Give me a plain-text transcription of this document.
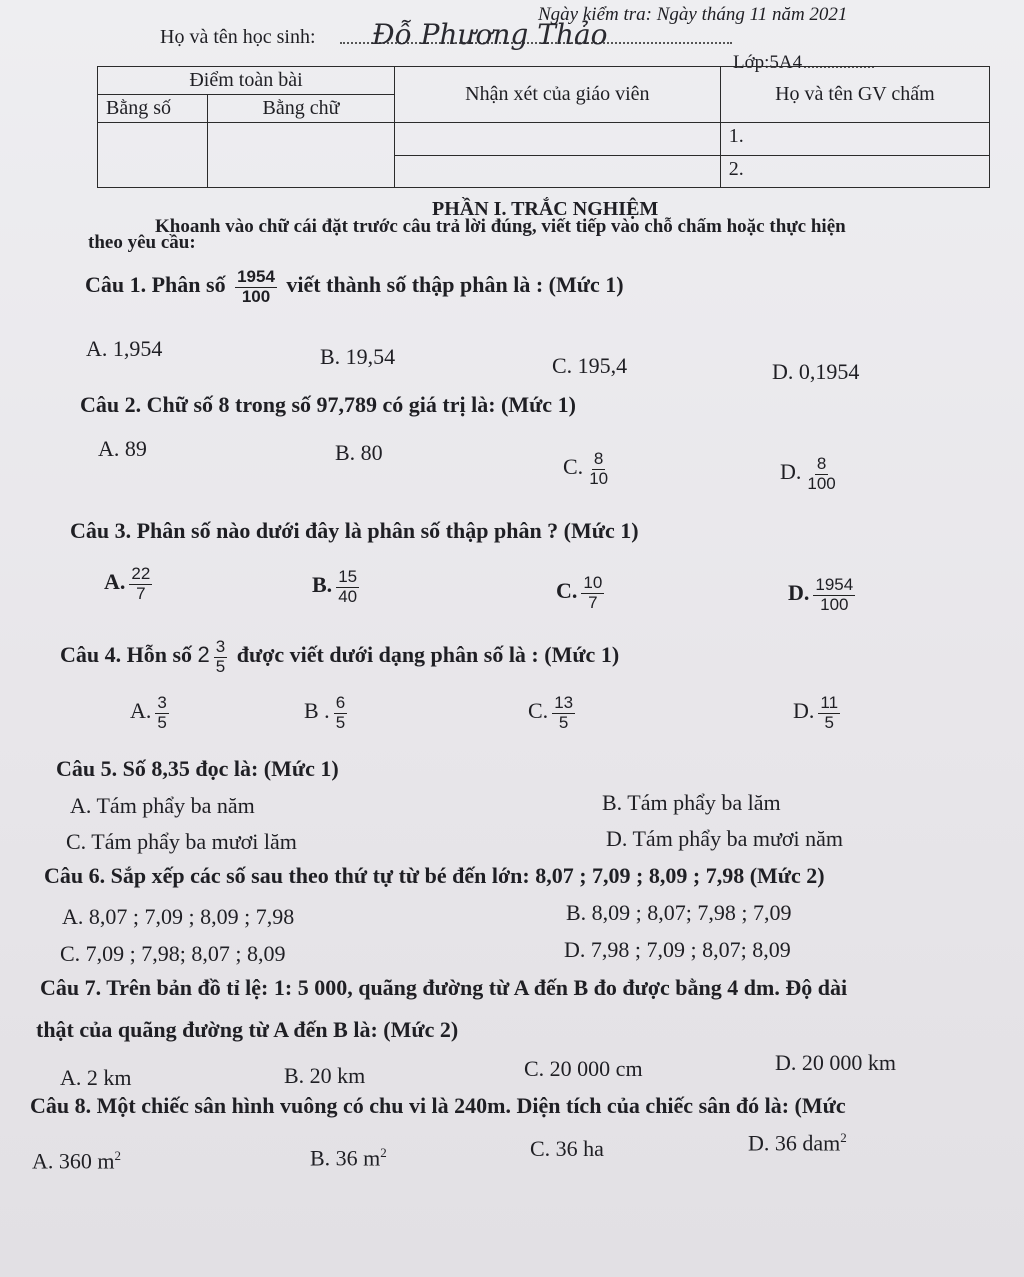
Ngày kiểm tra: Ngày tháng 11 năm 2021
Họ và tên học sinh: Đỗ Phương Thảo
Lớp:5A4
Điểm toàn bài		Nhận xét của giáo viên	Họ và tên GV chấm
Bằng số	Bằng chữ		
			1.
			2.
PHẦN I. TRẮC NGHIỆM
Khoanh vào chữ cái đặt trước câu trả lời đúng, viết tiếp vào chỗ chấm hoặc thực hiện
theo yêu cầu:
Câu 1. Phân số $\frac{1954}{100}$ viết thành số thập phân là : (Mức 1)
A. 1,954	B. 19,54	C. 195,4	D. 0,1954
Câu 2. Chữ số 8 trong số 97,789 có giá trị là: (Mức 1)
A. 89	B. 80
C. $\frac{8}{10}$	D. $\frac{8}{100}$
Câu 3. Phân số nào dưới đây là phân số thập phân ? (Mức 1)
A. $\frac{22}{7}$	B. $\frac{15}{40}$	C. $\frac{10}{7}$	D. $\frac{1954}{100}$
Câu 4. Hỗn số $2 \frac{3}{5}$ được viết dưới dạng phân số là : (Mức 1)
A. $\frac{3}{5}$	B . $\frac{6}{5}$	C. $\frac{13}{5}$	D. $\frac{11}{5}$
Câu 5. Số 8,35 đọc là: (Mức 1)
A. Tám phẩy ba năm	B. Tám phẩy ba lăm
C. Tám phẩy ba mươi lăm	D. Tám phẩy ba mươi năm
Câu 6. Sắp xếp các số sau theo thứ tự từ bé đến lớn: 8,07 ; 7,09 ; 8,09 ; 7,98 (Mức 2)
A. 8,07 ; 7,09 ; 8,09 ; 7,98	B. 8,09 ; 8,07; 7,98 ; 7,09
C. 7,09 ; 7,98; 8,07 ; 8,09	D. 7,98 ; 7,09 ; 8,07; 8,09
Câu 7. Trên bản đồ tỉ lệ: 1: 5 000, quãng đường từ A đến B đo được bằng 4 dm. Độ dài
thật của quãng đường từ A đến B là: (Mức 2)
A. 2 km	B. 20 km	C. 20 000 cm	D. 20 000 km
Câu 8. Một chiếc sân hình vuông có chu vi là 240m. Diện tích của chiếc sân đó là: (Mức
A. 360 $m^2$	B. 36 $m^2$	C. 36 ha	D. 36 dam$^2$
